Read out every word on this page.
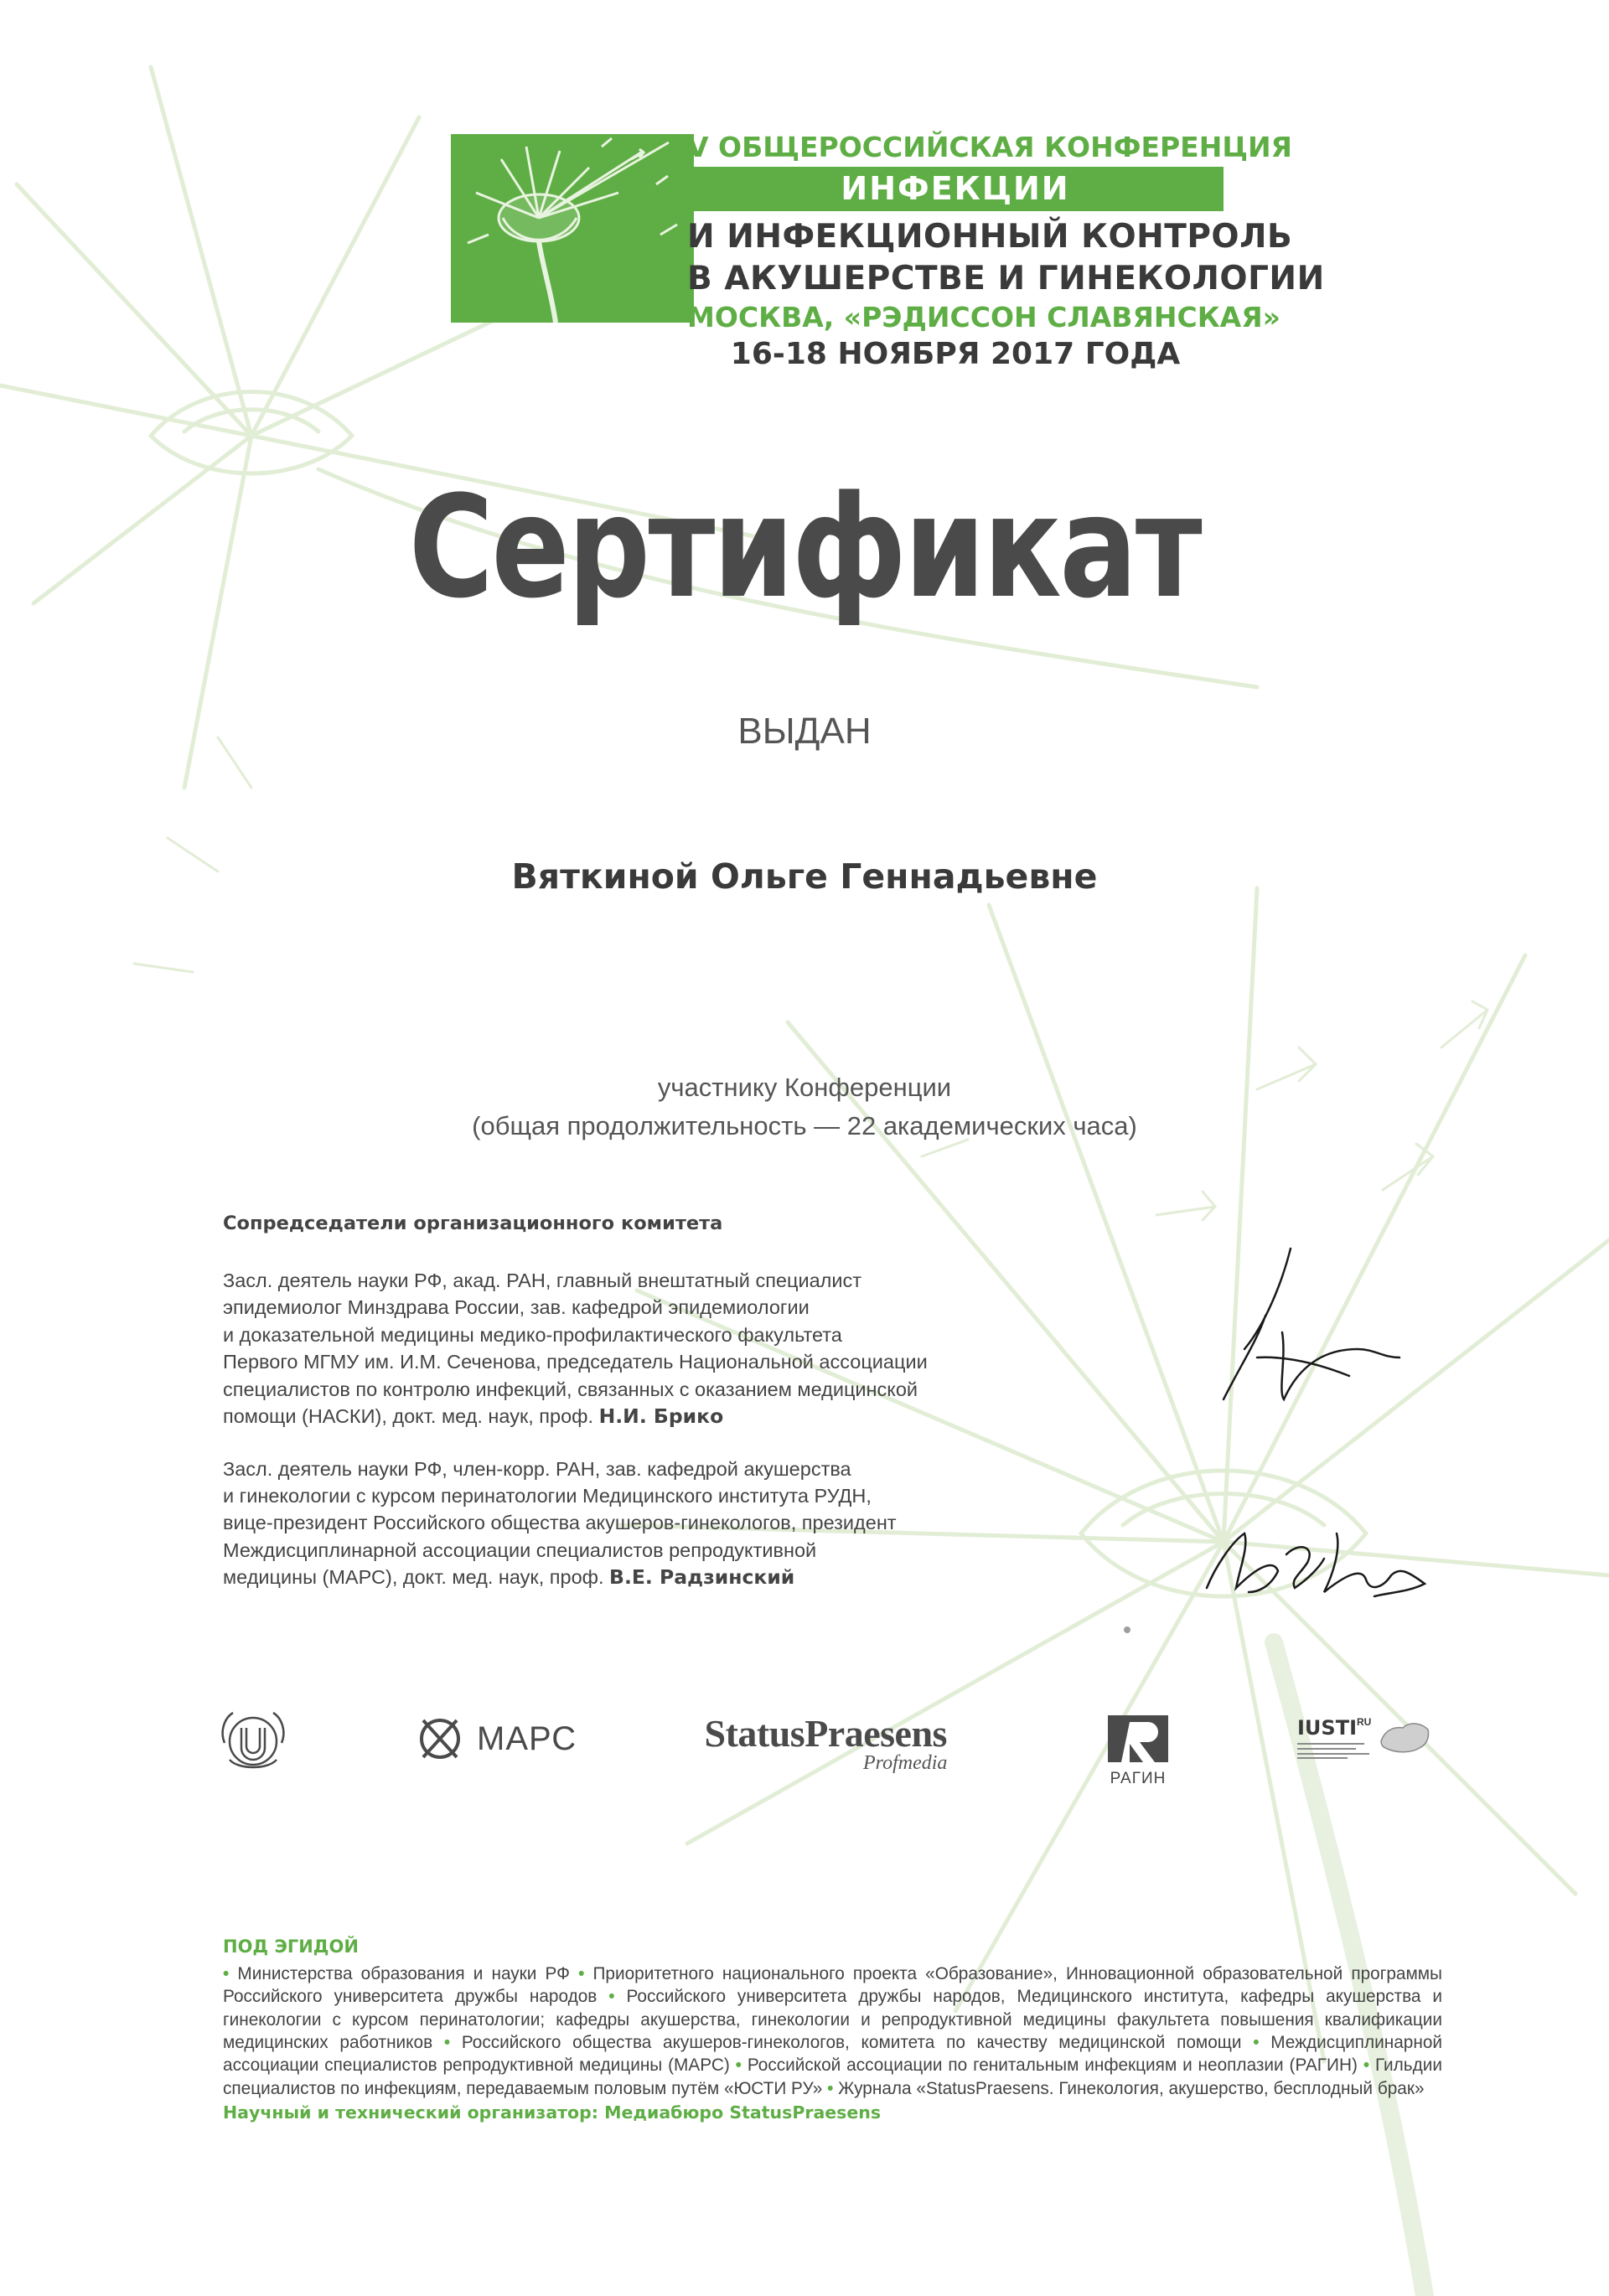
V ОБЩЕРОССИЙСКАЯ КОНФЕРЕНЦИЯ
ИНФЕКЦИИ
И ИНФЕКЦИОННЫЙ КОНТРОЛЬ
В АКУШЕРСТВЕ И ГИНЕКОЛОГИИ
МОСКВА, «РЭДИССОН СЛАВЯНСКАЯ»
16-18 НОЯБРЯ 2017 ГОДА
Сертификат
ВЫДАН
Вяткиной Ольге Геннадьевне
участнику Конференции
(общая продолжительность — 22 академических часа)
Сопредседатели организационного комитета
Засл. деятель науки РФ, акад. РАН, главный внештатный специалист
эпидемиолог Минздрава России, зав. кафедрой эпидемиологии
и доказательной медицины медико-профилактического факультета
Первого МГМУ им. И.М. Сеченова, председатель Национальной ассоциации
специалистов по контролю инфекций, связанных с оказанием медицинской
помощи (НАСКИ), докт. мед. наук, проф. Н.И. Брико
Засл. деятель науки РФ, член-корр. РАН, зав. кафедрой акушерства
и гинекологии с курсом перинатологии Медицинского института РУДН,
вице-президент Российского общества акушеров-гинекологов, президент
Междисциплинарной ассоциации специалистов репродуктивной
медицины (МАРС), докт. мед. наук, проф. В.Е. Радзинский
МАРС	StatusPraesens
Profmedia
РАГИН
$IUSTI^{RU}$
ПОД ЭГИДОЙ
• Министерства образования и науки РФ • Приоритетного национального проекта «Образование», Инновационной образовательной программы Российского университета дружбы народов • Российского университета дружбы народов, Медицинского института, кафедры акушерства и гинекологии с курсом перинатологии; кафедры акушерства, гинекологии и репродуктивной медицины факультета повышения квалификации медицинских работников • Российского общества акушеров-гинекологов, комитета по качеству медицинской помощи • Междисциплинарной ассоциации специалистов репродуктивной медицины (МАРС) • Российской ассоциации по генитальным инфекциям и неоплазии (РАГИН) • Гильдии специалистов по инфекциям, передаваемым половым путём «ЮСТИ РУ» • Журнала «StatusPraesens. Гинекология, акушерство, бесплодный брак»
Научный и технический организатор: Медиабюро StatusPraesens
